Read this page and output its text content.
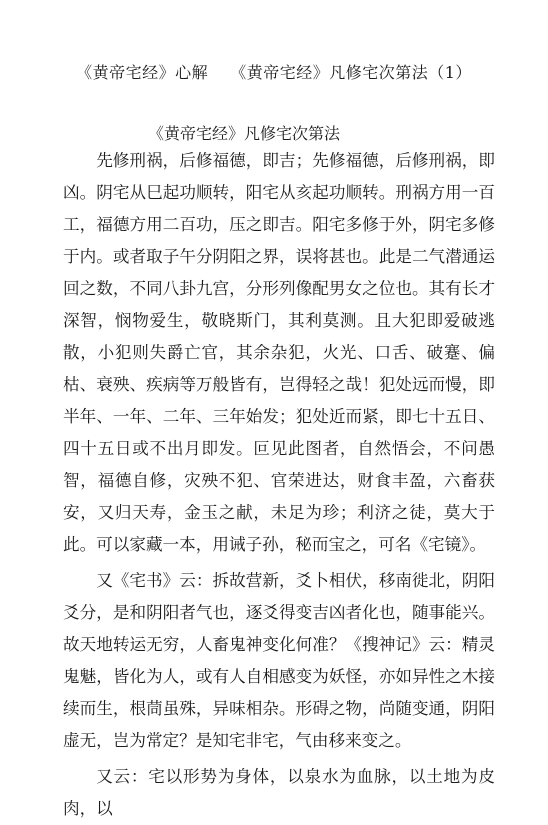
《黄帝宅经》心解　 《黄帝宅经》凡修宅次第法（1）
《黄帝宅经》凡修宅次第法

先修刑祸，后修福德，即吉；先修福德，后修刑祸，即凶。阴宅从巳起功顺转，阳宅从亥起功顺转。刑祸方用一百工，福德方用二百功，压之即吉。阳宅多修于外，阴宅多修于内。或者取子午分阴阳之界，误将甚也。此是二气潜通运回之数，不同八卦九宫，分形列像配男女之位也。其有长才深智，悯物爱生，敬晓斯门，其利莫测。且大犯即爱破逃散，小犯则失爵亡官，其余杂犯，火光、口舌、破蹇、偏枯、衰殃、疾病等万般皆有，岂得轻之哉！犯处远而慢，即半年、一年、二年、三年始发；犯处近而紧，即七十五日、四十五日或不出月即发。叵见此图者，自然悟会，不问愚智，福德自修，灾殃不犯、官荣进达，财食丰盈，六畜获安，又归天寿，金玉之献，未足为珍；利济之徒，莫大于此。可以家藏一本，用诫子孙，秘而宝之，可名《宅镜》。

又《宅书》云：拆故营新，爻卜相伏，移南徙北，阴阳爻分，是和阴阳者气也，逐爻得变吉凶者化也，随事能兴。故天地转运无穷，人畜鬼神变化何准？《搜神记》云：精灵鬼魅，皆化为人，或有人自相感变为妖怪，亦如异性之木接续而生，根茼虽殊，异味相杂。形碍之物，尚随变通，阴阳虚无，岂为常定？是知宅非宅，气由移来变之。

又云：宅以形势为身体，以泉水为血脉，以土地为皮肉，以
